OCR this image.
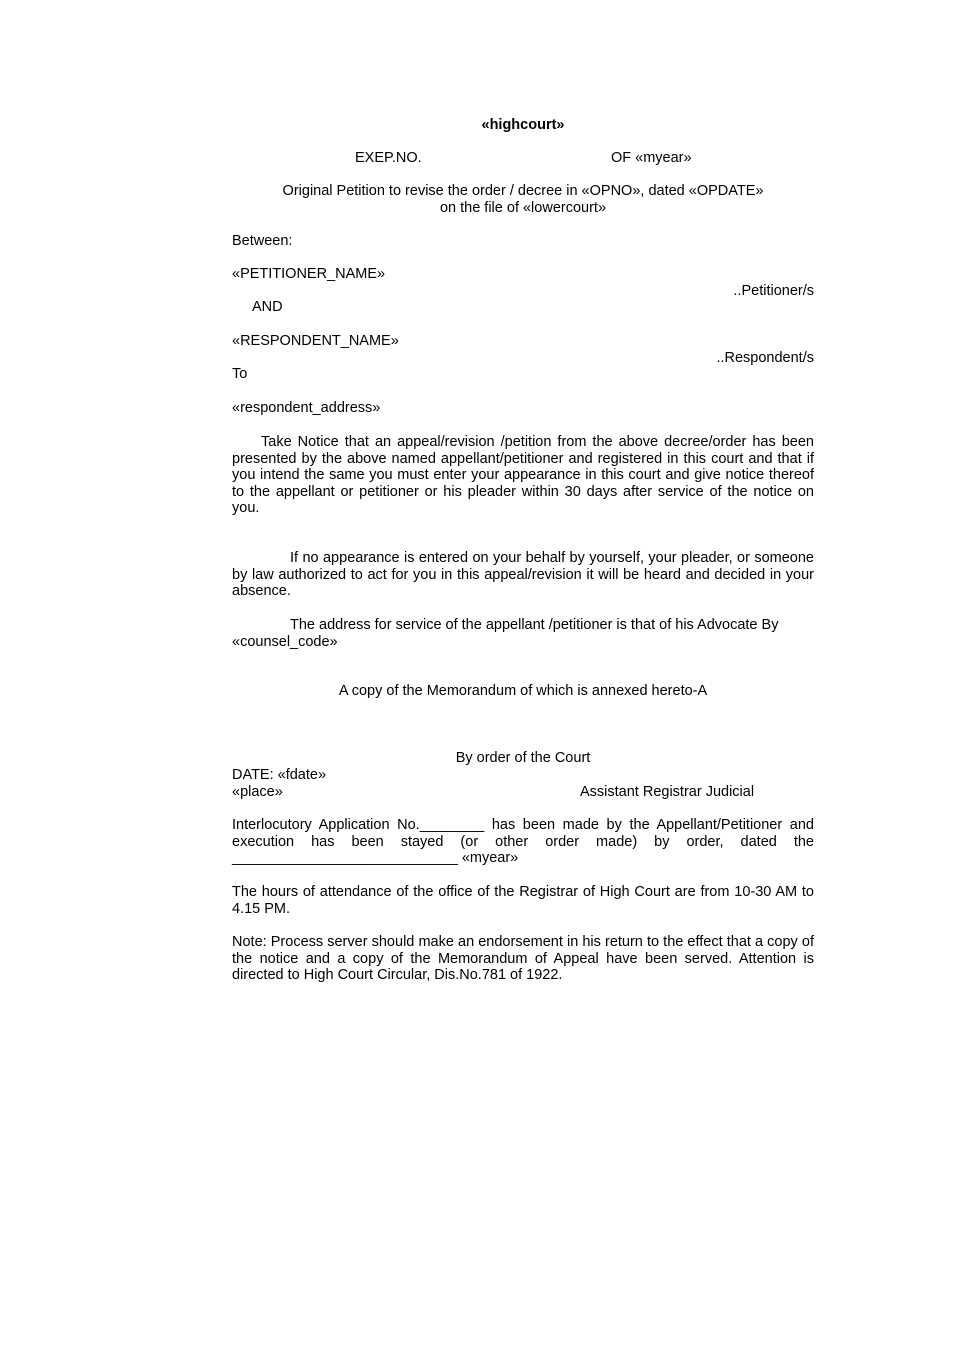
«highcourt»
EXEP.NO.	OF «myear»
Original Petition to revise the order / decree in «OPNO», dated «OPDATE»
on the file of «lowercourt»
Between:
«PETITIONER_NAME»
..Petitioner/s
AND
«RESPONDENT_NAME»
..Respondent/s
To
«respondent_address»
Take Notice that an appeal/revision /petition from the above decree/order has been presented by the above named appellant/petitioner and registered in this court and that if you intend the same you must enter your appearance in this court and give notice thereof to the appellant or petitioner or his pleader within 30 days after service of the notice on you.
If no appearance is entered on your behalf by yourself, your pleader, or someone by law authorized to act for you in this appeal/revision it will be heard and decided in your absence.
The address for service of the appellant /petitioner is that of his Advocate By «counsel_code»
A copy of the Memorandum of which is annexed hereto-A
By order of the Court
DATE: «fdate»
«place»	Assistant Registrar Judicial
Interlocutory Application No.________ has been made by the Appellant/Petitioner and execution has been stayed (or other order made) by order, dated the ____________________________ «myear»
The hours of attendance of the office of the Registrar of High Court are from 10-30 AM to 4.15 PM.
Note: Process server should make an endorsement in his return to the effect that a copy of the notice and a copy of the Memorandum of Appeal have been served. Attention is directed to High Court Circular, Dis.No.781 of 1922.
